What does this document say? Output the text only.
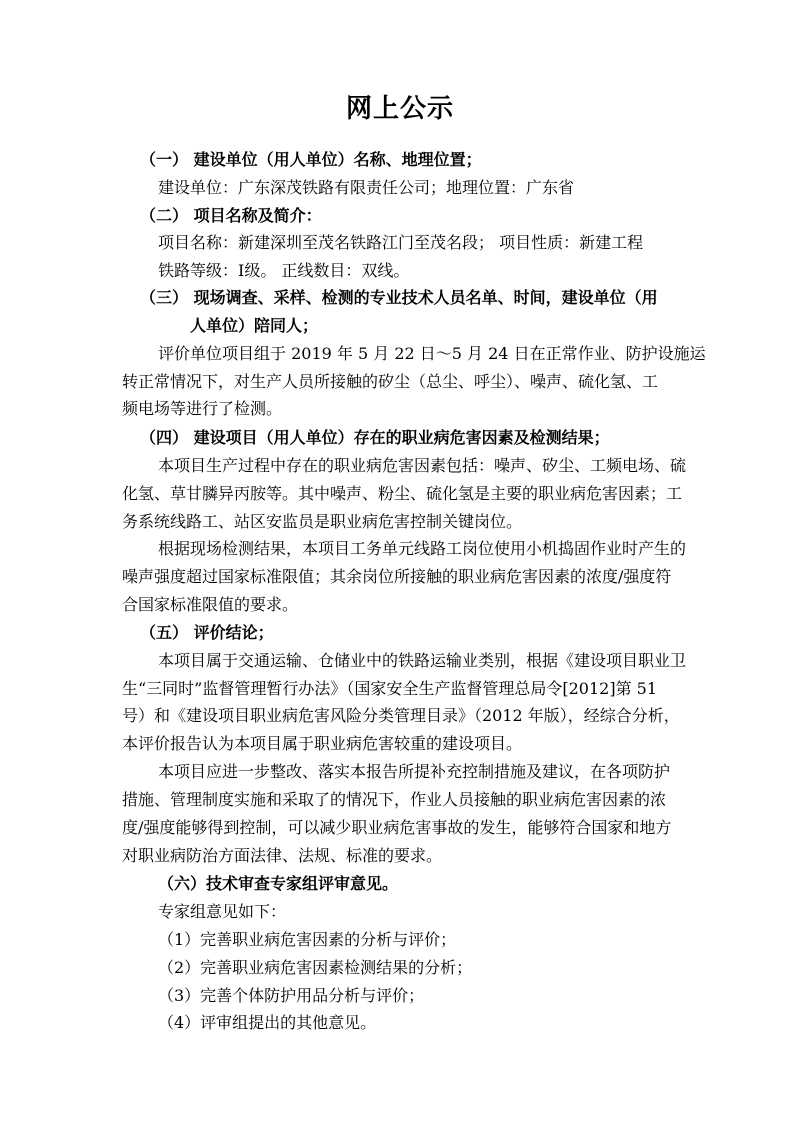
网上公示
（一） 建设单位（用人单位）名称、地理位置；
建设单位：广东深茂铁路有限责任公司；地理位置：广东省
（二） 项目名称及简介：
项目名称：新建深圳至茂名铁路江门至茂名段； 项目性质：新建工程
铁路等级：Ⅰ级。 正线数目：双线。
（三） 现场调查、采样、检测的专业技术人员名单、时间，建设单位（用
人单位）陪同人；
评价单位项目组于 2019 年 5 月 22 日～5 月 24 日在正常作业、防护设施运
转正常情况下，对生产人员所接触的矽尘（总尘、呼尘）、噪声、硫化氢、工
频电场等进行了检测。
（四） 建设项目（用人单位）存在的职业病危害因素及检测结果；
本项目生产过程中存在的职业病危害因素包括：噪声、矽尘、工频电场、硫
化氢、草甘膦异丙胺等。其中噪声、粉尘、硫化氢是主要的职业病危害因素；工
务系统线路工、站区安监员是职业病危害控制关键岗位。
根据现场检测结果，本项目工务单元线路工岗位使用小机捣固作业时产生的
噪声强度超过国家标准限值；其余岗位所接触的职业病危害因素的浓度/强度符
合国家标准限值的要求。
（五） 评价结论；
本项目属于交通运输、仓储业中的铁路运输业类别，根据《建设项目职业卫
生“三同时”监督管理暂行办法》（国家安全生产监督管理总局令[2012]第 51
号）和《建设项目职业病危害风险分类管理目录》（2012 年版），经综合分析，
本评价报告认为本项目属于职业病危害较重的建设项目。
本项目应进一步整改、落实本报告所提补充控制措施及建议，在各项防护
措施、管理制度实施和采取了的情况下，作业人员接触的职业病危害因素的浓
度/强度能够得到控制，可以减少职业病危害事故的发生，能够符合国家和地方
对职业病防治方面法律、法规、标准的要求。
（六）技术审查专家组评审意见。
专家组意见如下：
（1）完善职业病危害因素的分析与评价；
（2）完善职业病危害因素检测结果的分析；
（3）完善个体防护用品分析与评价；
（4）评审组提出的其他意见。
